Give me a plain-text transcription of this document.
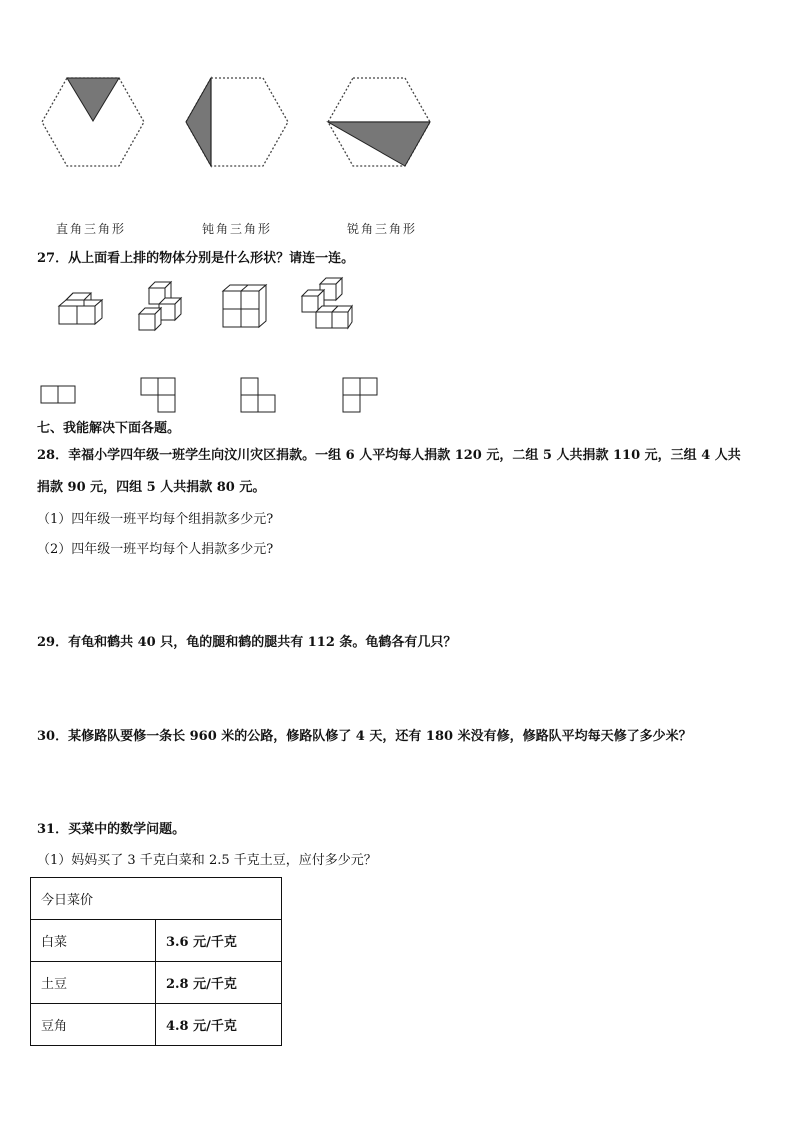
直角三角形	钝角三角形	锐角三角形
27．从上面看上排的物体分别是什么形状？请连一连。
七、我能解决下面各题。
28．幸福小学四年级一班学生向汶川灾区捐款。一组 6 人平均每人捐款 120 元，二组 5 人共捐款 110 元，三组 4 人共
捐款 90 元，四组 5 人共捐款 80 元。
（1）四年级一班平均每个组捐款多少元?
（2）四年级一班平均每个人捐款多少元?
29．有龟和鹤共 40 只，龟的腿和鹤的腿共有 112 条。龟鹤各有几只？
30．某修路队要修一条长 960 米的公路，修路队修了 4 天，还有 180 米没有修，修路队平均每天修了多少米？
31．买菜中的数学问题。
（1）妈妈买了 3 千克白菜和 2.5 千克土豆，应付多少元？
今日菜价	
白菜	3.6 元/千克
土豆	2.8 元/千克
豆角	4.8 元/千克
